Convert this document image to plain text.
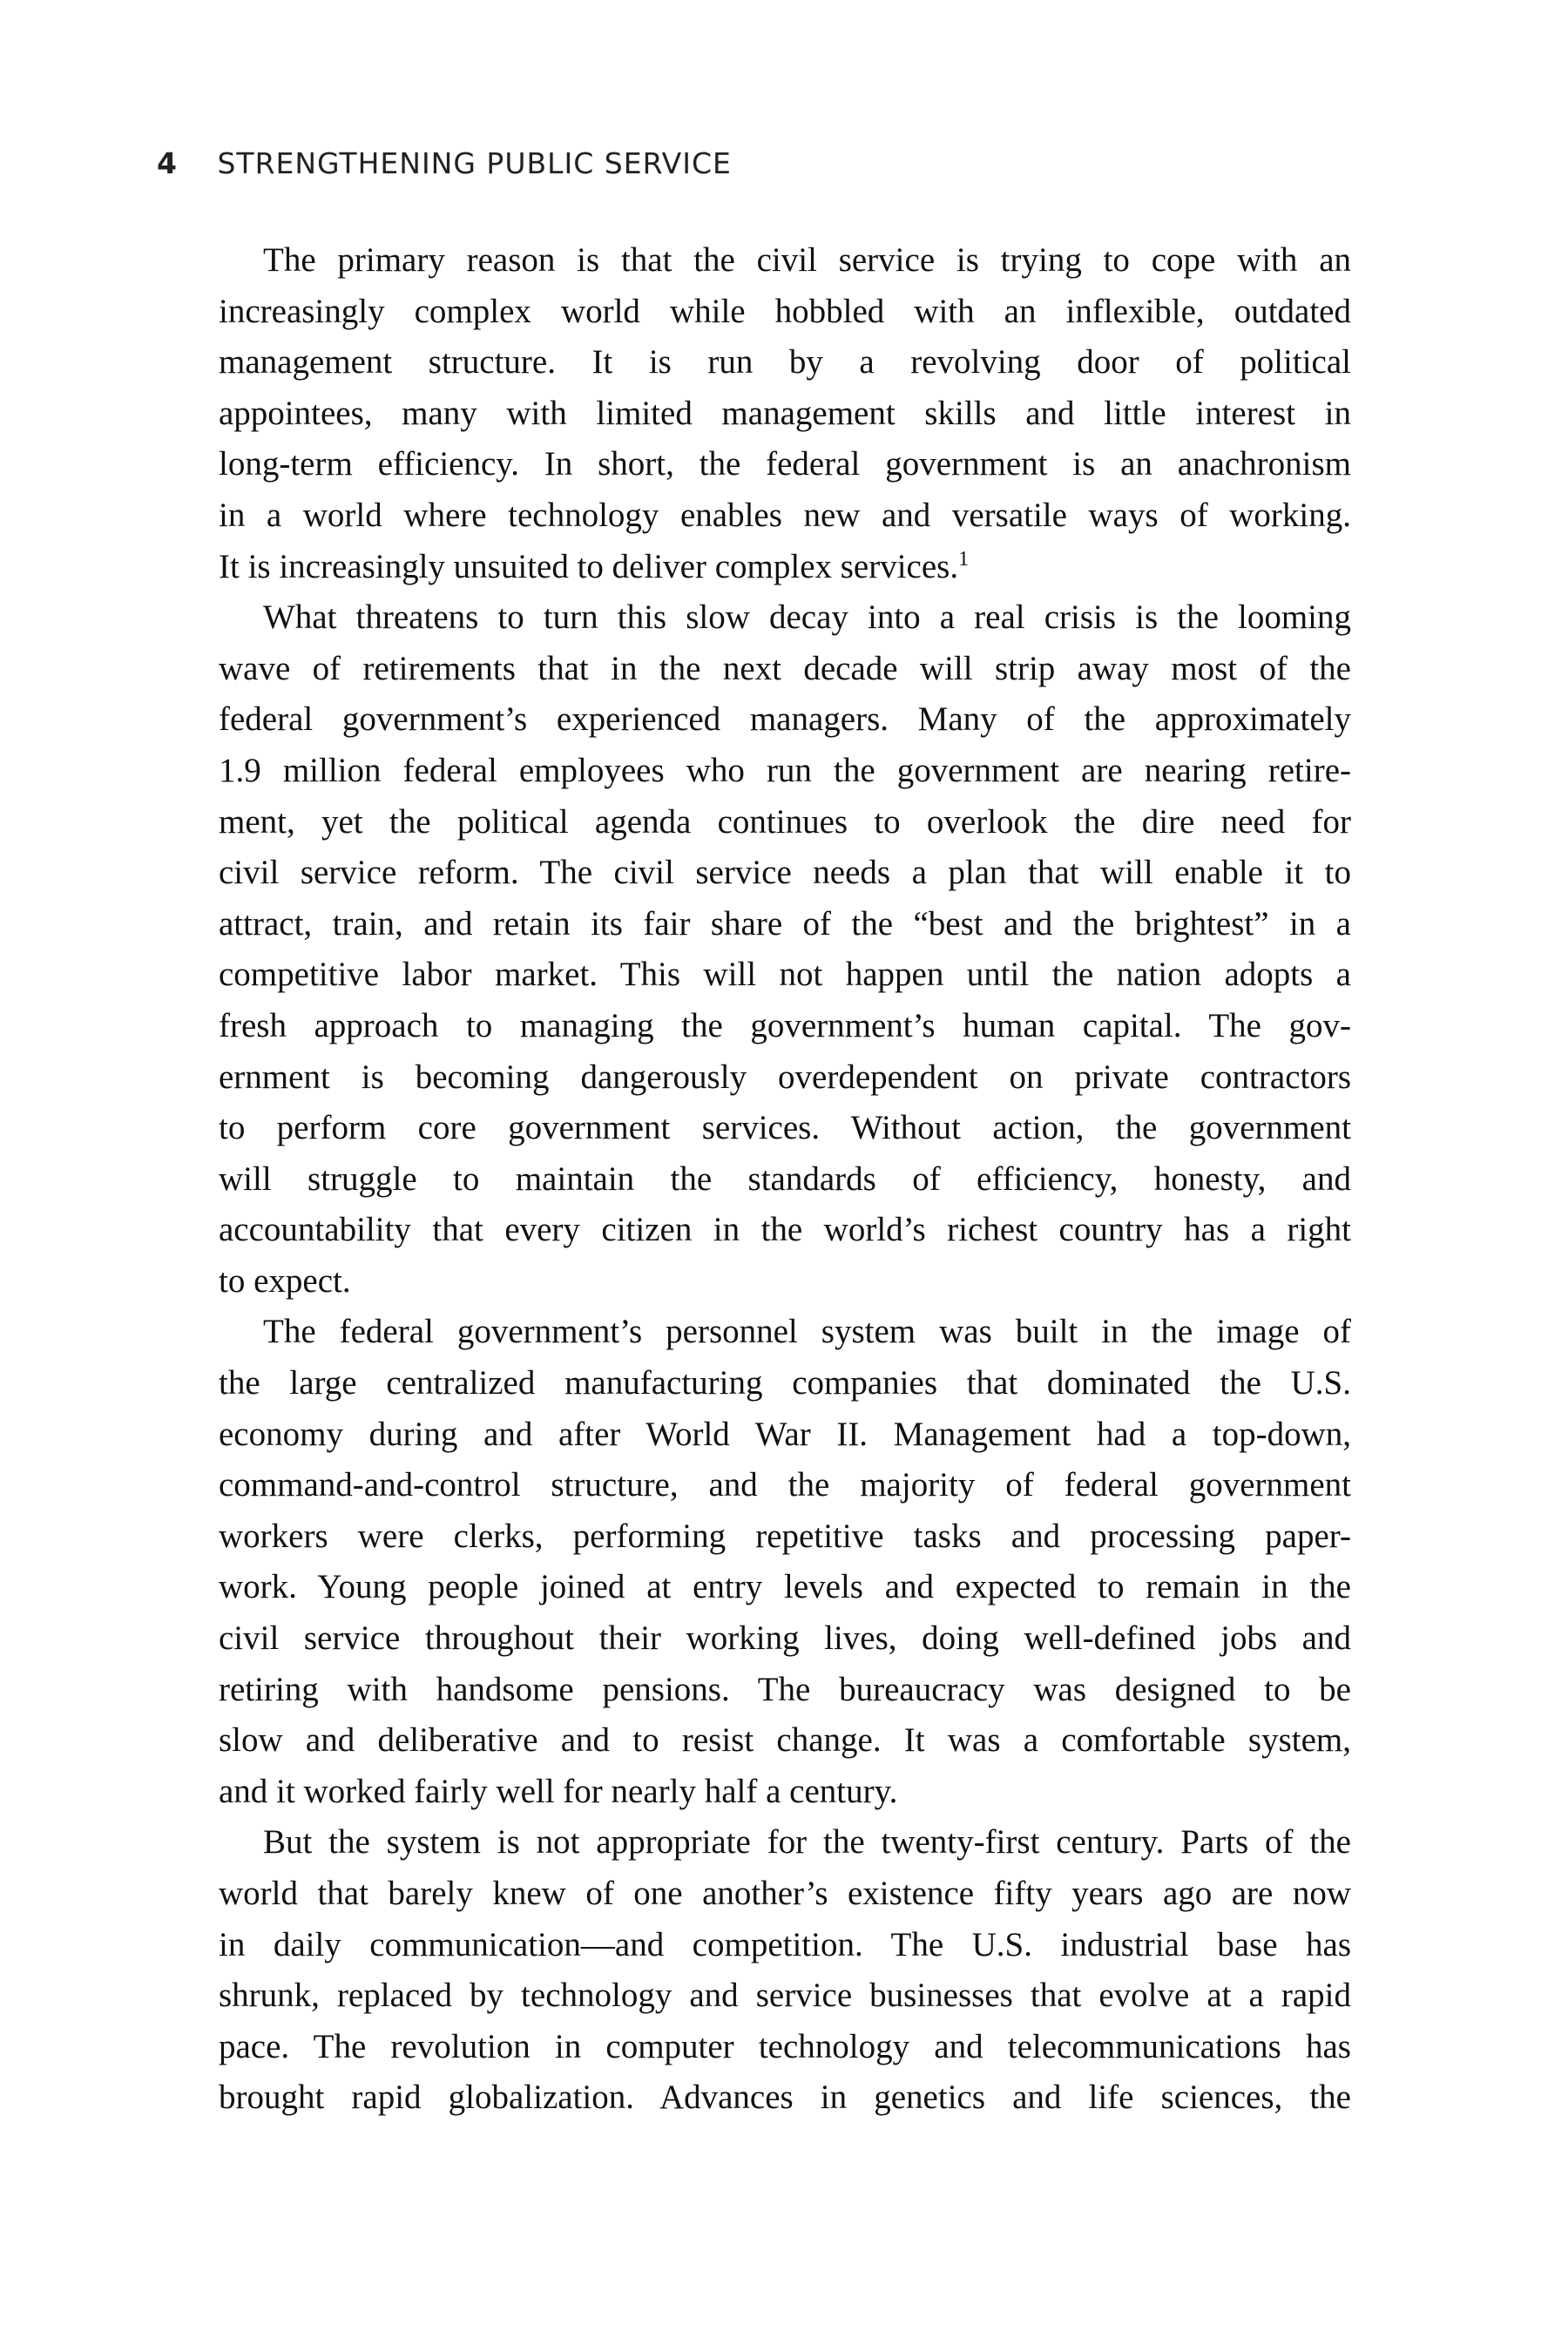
4 STRENGTHENING PUBLIC SERVICE
The primary reason is that the civil service is trying to cope with an
increasingly complex world while hobbled with an inflexible, outdated
management structure. It is run by a revolving door of political
appointees, many with limited management skills and little interest in
long-term efficiency. In short, the federal government is an anachronism
in a world where technology enables new and versatile ways of working.
It is increasingly unsuited to deliver complex services.$^1$
What threatens to turn this slow decay into a real crisis is the looming
wave of retirements that in the next decade will strip away most of the
federal government’s experienced managers. Many of the approximately
1.9 million federal employees who run the government are nearing retire-
ment, yet the political agenda continues to overlook the dire need for
civil service reform. The civil service needs a plan that will enable it to
attract, train, and retain its fair share of the “best and the brightest” in a
competitive labor market. This will not happen until the nation adopts a
fresh approach to managing the government’s human capital. The gov-
ernment is becoming dangerously overdependent on private contractors
to perform core government services. Without action, the government
will struggle to maintain the standards of efficiency, honesty, and
accountability that every citizen in the world’s richest country has a right
to expect.
The federal government’s personnel system was built in the image of
the large centralized manufacturing companies that dominated the U.S.
economy during and after World War II. Management had a top-down,
command-and-control structure, and the majority of federal government
workers were clerks, performing repetitive tasks and processing paper-
work. Young people joined at entry levels and expected to remain in the
civil service throughout their working lives, doing well-defined jobs and
retiring with handsome pensions. The bureaucracy was designed to be
slow and deliberative and to resist change. It was a comfortable system,
and it worked fairly well for nearly half a century.
But the system is not appropriate for the twenty-first century. Parts of the
world that barely knew of one another’s existence fifty years ago are now
in daily communication—and competition. The U.S. industrial base has
shrunk, replaced by technology and service businesses that evolve at a rapid
pace. The revolution in computer technology and telecommunications has
brought rapid globalization. Advances in genetics and life sciences, the
